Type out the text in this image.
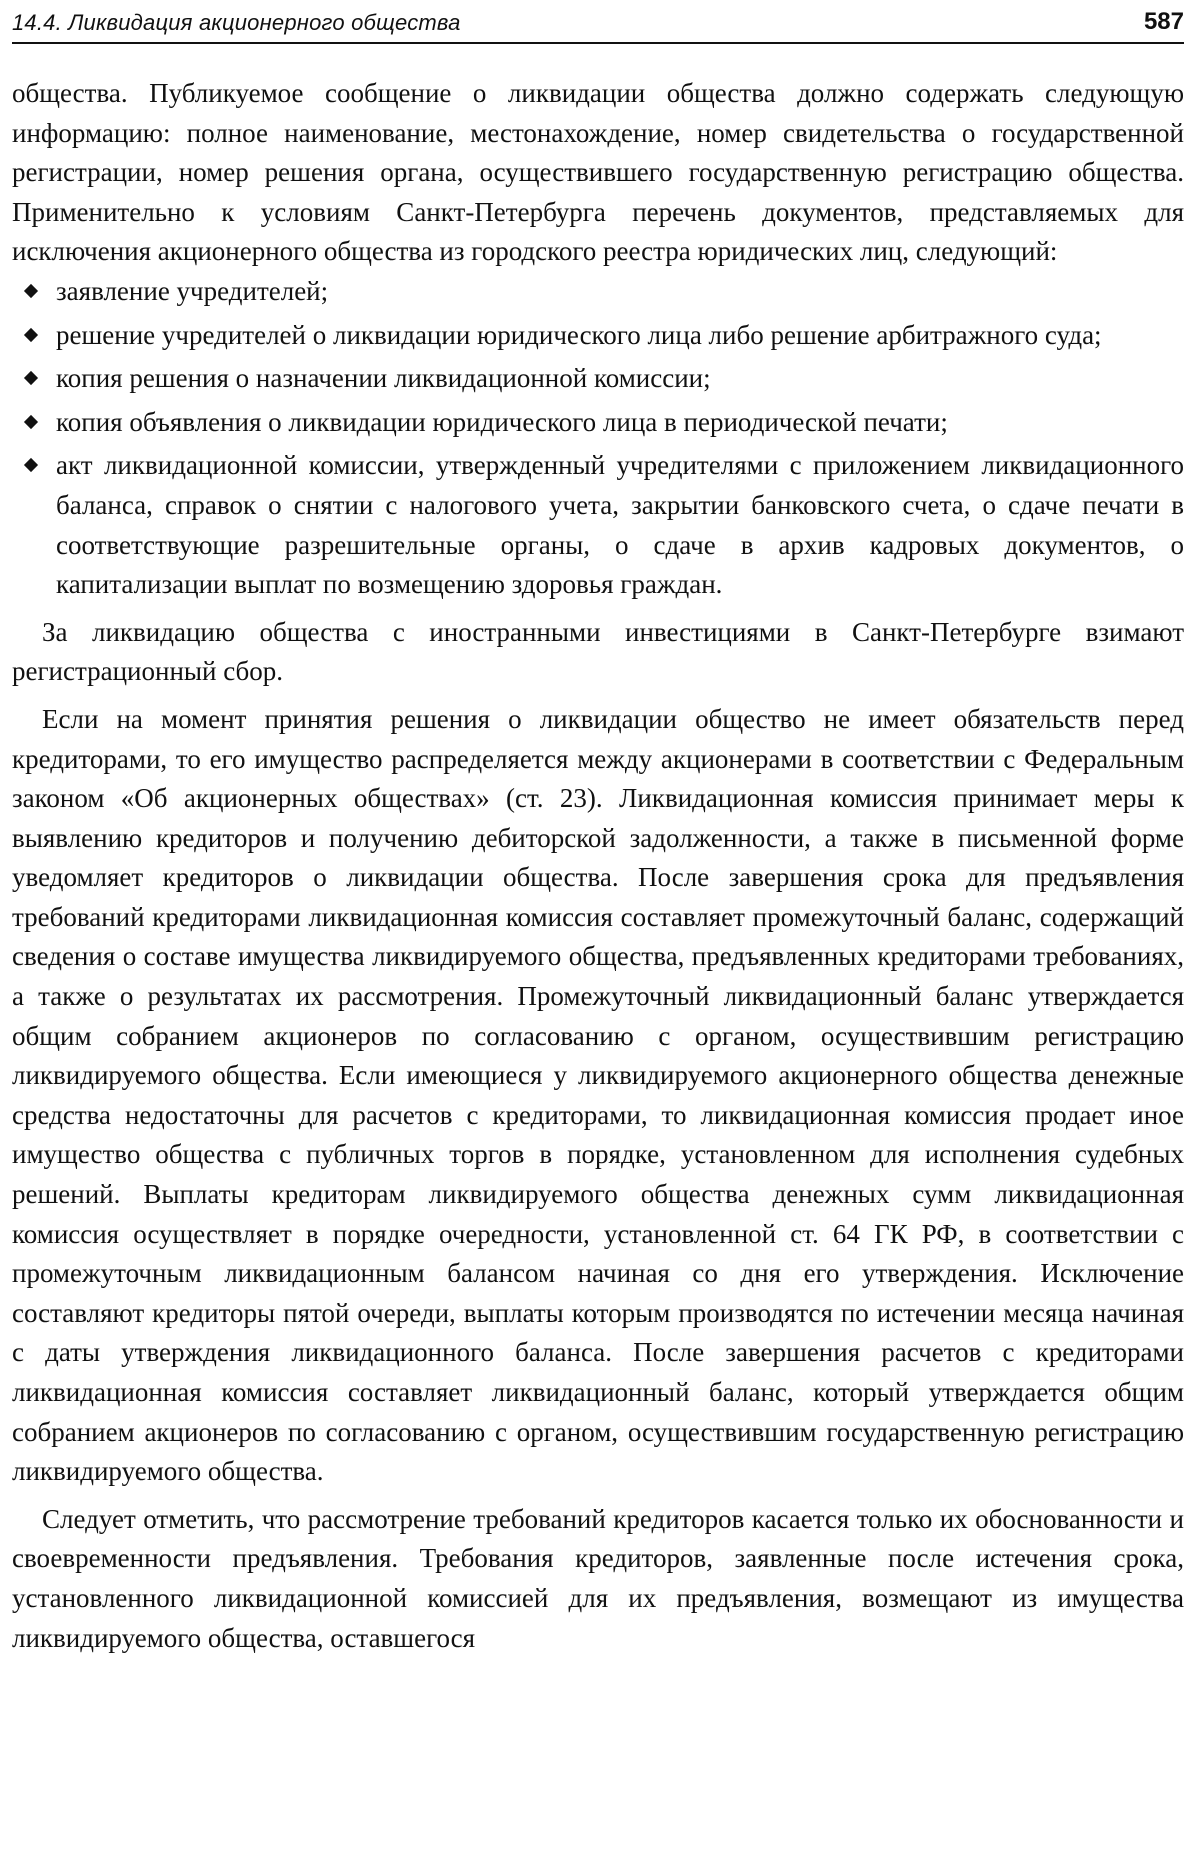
14.4. Ликвидация акционерного общества	587

общества. Публикуемое сообщение о ликвидации общества должно содержать следующую информацию: полное наименование, местонахождение, номер свидетельства о государственной регистрации, номер решения органа, осуществившего государственную регистрацию общества. Применительно к условиям Санкт-Петербурга перечень документов, представляемых для исключения акционерного общества из городского реестра юридических лиц, следующий:

заявление учредителей;
решение учредителей о ликвидации юридического лица либо решение арбитражного суда;
копия решения о назначении ликвидационной комиссии;
копия объявления о ликвидации юридического лица в периодической печати;
акт ликвидационной комиссии, утвержденный учредителями с приложением ликвидационного баланса, справок о снятии с налогового учета, закрытии банковского счета, о сдаче печати в соответствующие разрешительные органы, о сдаче в архив кадровых документов, о капитализации выплат по возмещению здоровья граждан.

За ликвидацию общества с иностранными инвестициями в Санкт-Петербурге взимают регистрационный сбор.

Если на момент принятия решения о ликвидации общество не имеет обязательств перед кредиторами, то его имущество распределяется между акционерами в соответствии с Федеральным законом «Об акционерных обществах» (ст. 23). Ликвидационная комиссия принимает меры к выявлению кредиторов и получению дебиторской задолженности, а также в письменной форме уведомляет кредиторов о ликвидации общества. После завершения срока для предъявления требований кредиторами ликвидационная комиссия составляет промежуточный баланс, содержащий сведения о составе имущества ликвидируемого общества, предъявленных кредиторами требованиях, а также о результатах их рассмотрения. Промежуточный ликвидационный баланс утверждается общим собранием акционеров по согласованию с органом, осуществившим регистрацию ликвидируемого общества. Если имеющиеся у ликвидируемого акционерного общества денежные средства недостаточны для расчетов с кредиторами, то ликвидационная комиссия продает иное имущество общества с публичных торгов в порядке, установленном для исполнения судебных решений. Выплаты кредиторам ликвидируемого общества денежных сумм ликвидационная комиссия осуществляет в порядке очередности, установленной ст. 64 ГК РФ, в соответствии с промежуточным ликвидационным балансом начиная со дня его утверждения. Исключение составляют кредиторы пятой очереди, выплаты которым производятся по истечении месяца начиная с даты утверждения ликвидационного баланса. После завершения расчетов с кредиторами ликвидационная комиссия составляет ликвидационный баланс, который утверждается общим собранием акционеров по согласованию с органом, осуществившим государственную регистрацию ликвидируемого общества.

Следует отметить, что рассмотрение требований кредиторов касается только их обоснованности и своевременности предъявления. Требования кредиторов, заявленные после истечения срока, установленного ликвидационной комиссией для их предъявления, возмещают из имущества ликвидируемого общества, оставшегося
